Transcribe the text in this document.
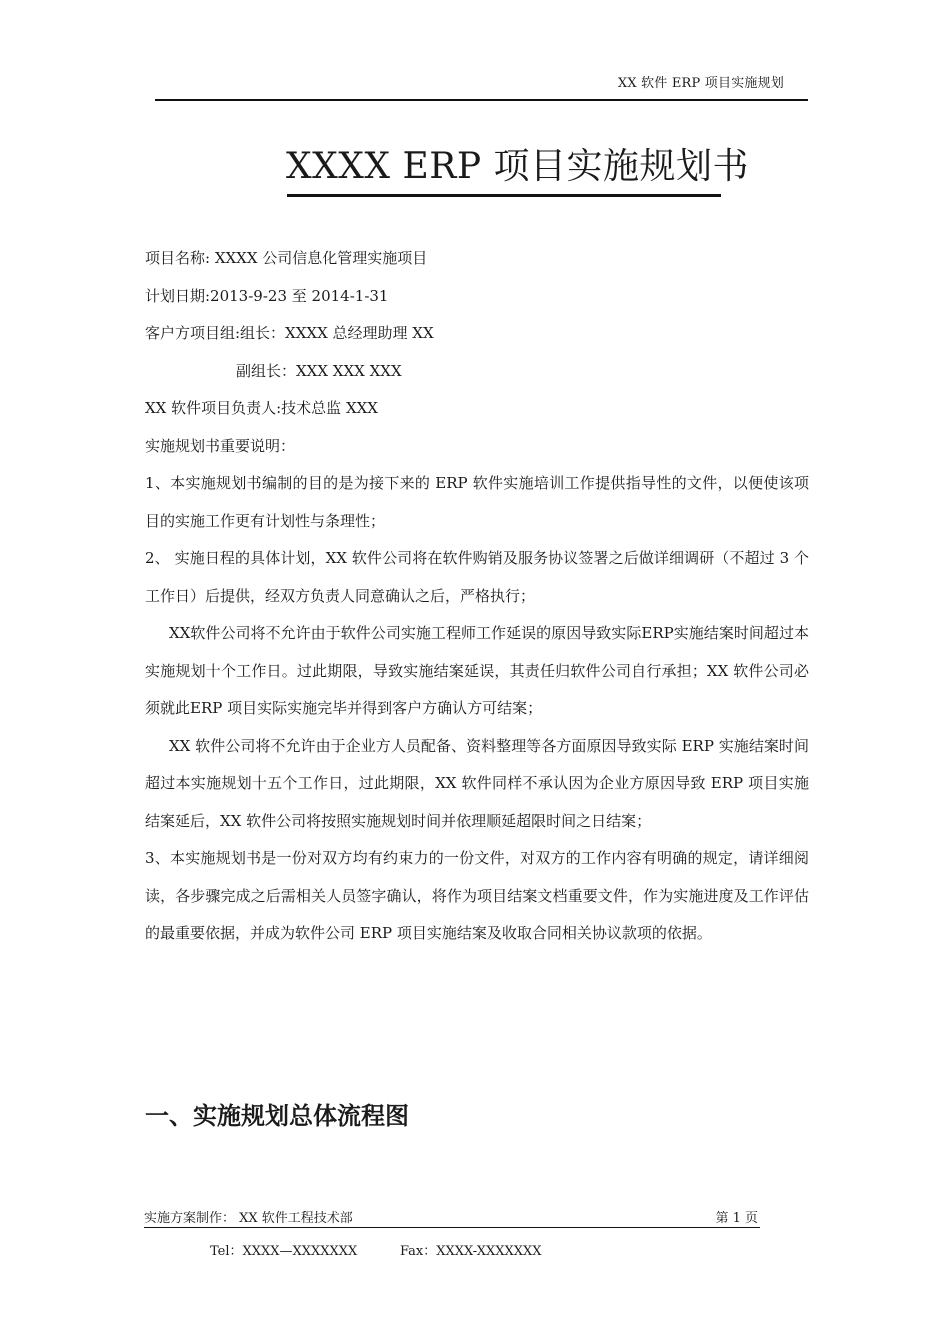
XX 软件 ERP 项目实施规划
XXXX ERP 项目实施规划书

项目名称: XXXX 公司信息化管理实施项目

计划日期:2013-9-23 至 2014-1-31

客户方项目组:组长：XXXX 总经理助理 XX

副组长：XXX XXX XXX

XX 软件项目负责人:技术总监 XXX

实施规划书重要说明：

1、本实施规划书编制的目的是为接下来的 ERP 软件实施培训工作提供指导性的文件，以便使该项目的实施工作更有计划性与条理性；

2、 实施日程的具体计划，XX 软件公司将在软件购销及服务协议签署之后做详细调研（不超过 3 个工作日）后提供，经双方负责人同意确认之后，严格执行；

XX软件公司将不允许由于软件公司实施工程师工作延误的原因导致实际ERP实施结案时间超过本实施规划十个工作日。过此期限，导致实施结案延误，其责任归软件公司自行承担；XX 软件公司必须就此ERP 项目实际实施完毕并得到客户方确认方可结案；

XX 软件公司将不允许由于企业方人员配备、资料整理等各方面原因导致实际 ERP 实施结案时间超过本实施规划十五个工作日，过此期限，XX 软件同样不承认因为企业方原因导致 ERP 项目实施结案延后，XX 软件公司将按照实施规划时间并依理顺延超限时间之日结案；

3、本实施规划书是一份对双方均有约束力的一份文件，对双方的工作内容有明确的规定，请详细阅读，各步骤完成之后需相关人员签字确认，将作为项目结案文档重要文件，作为实施进度及工作评估的最重要依据，并成为软件公司 ERP 项目实施结案及收取合同相关协议款项的依据。

一、实施规划总体流程图
实施方案制作： XX 软件工程技术部	第 1 页
Tel：XXXX—XXXXXXX	Fax：XXXX-XXXXXXX
